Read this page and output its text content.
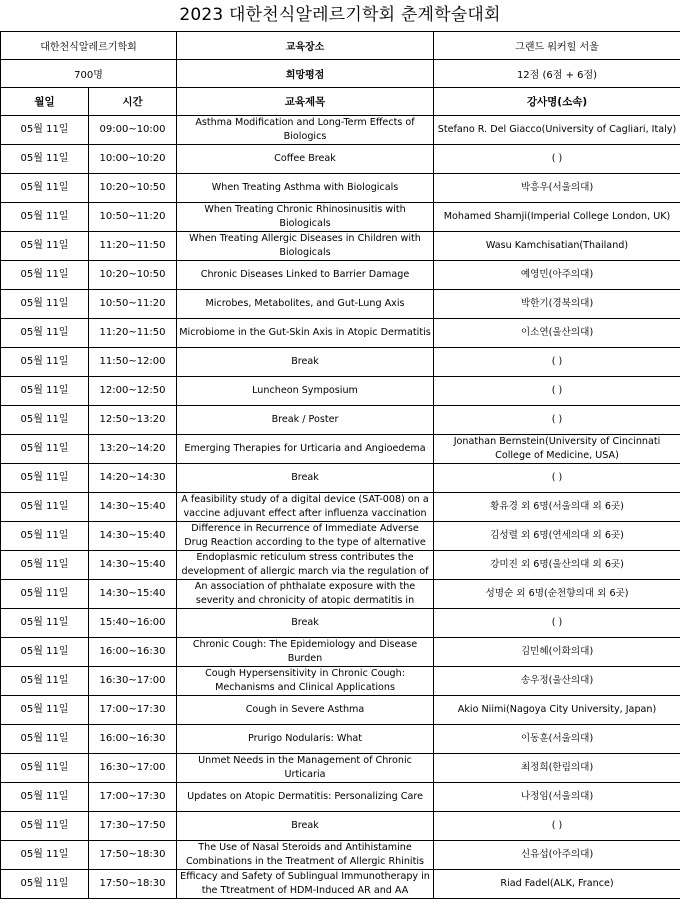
2023 대한천식알레르기학회 춘계학술대회
대한천식알레르기학회		교육장소	그랜드 워커힐 서울
700명		희망평점	12점 (6점 + 6점)
월일	시간	교육제목	강사명(소속)

05월 11일	09:00~10:00	Asthma Modification and Long-Term Effects of Biologics	Stefano R. Del Giacco(University of Cagliari, Italy)

05월 11일	10:00~10:20	Coffee Break	( )

05월 11일	10:20~10:50	When Treating Asthma with Biologicals	박흥우(서울의대)

05월 11일	10:50~11:20	When Treating Chronic Rhinosinusitis with Biologicals	Mohamed Shamji(Imperial College London, UK)

05월 11일	11:20~11:50	When Treating Allergic Diseases in Children with Biologicals	Wasu Kamchisatian(Thailand)

05월 11일	10:20~10:50	Chronic Diseases Linked to Barrier Damage	예영민(아주의대)

05월 11일	10:50~11:20	Microbes, Metabolites, and Gut-Lung Axis	박한기(경북의대)

05월 11일	11:20~11:50	Microbiome in the Gut-Skin Axis in Atopic Dermatitis	이소연(울산의대)

05월 11일	11:50~12:00	Break	( )

05월 11일	12:00~12:50	Luncheon Symposium	( )

05월 11일	12:50~13:20	Break / Poster	( )

05월 11일	13:20~14:20	Emerging Therapies for Urticaria and Angioedema	Jonathan Bernstein(University of Cincinnati College of Medicine, USA)

05월 11일	14:20~14:30	Break	( )

05월 11일	14:30~15:40	A feasibility study of a digital device (SAT-008) on a vaccine adjuvant effect after influenza vaccination	황유경 외 6명(서울의대 외 6곳)

05월 11일	14:30~15:40	Difference in Recurrence of Immediate Adverse Drug Reaction according to the type of alternative	김성렬 외 6명(연세의대 외 6곳)

05월 11일	14:30~15:40	Endoplasmic reticulum stress contributes the development of allergic march via the regulation of	강미진 외 6명(울산의대 외 6곳)

05월 11일	14:30~15:40	An association of phthalate exposure with the severity and chronicity of atopic dermatitis in	성명순 외 6명(순천향의대 외 6곳)

05월 11일	15:40~16:00	Break	( )

05월 11일	16:00~16:30	Chronic Cough: The Epidemiology and Disease Burden	김민혜(이화의대)

05월 11일	16:30~17:00	Cough Hypersensitivity in Chronic Cough: Mechanisms and Clinical Applications	송우정(울산의대)

05월 11일	17:00~17:30	Cough in Severe Asthma	Akio Niimi(Nagoya City University, Japan)

05월 11일	16:00~16:30	Prurigo Nodularis: What	이동훈(서울의대)

05월 11일	16:30~17:00	Unmet Needs in the Management of Chronic Urticaria	최정희(한림의대)

05월 11일	17:00~17:30	Updates on Atopic Dermatitis: Personalizing Care	나정임(서울의대)

05월 11일	17:30~17:50	Break	( )

05월 11일	17:50~18:30	The Use of Nasal Steroids and Antihistamine Combinations in the Treatment of Allergic Rhinitis	신유섭(아주의대)

05월 11일	17:50~18:30	Efficacy and Safety of Sublingual Immunotherapy in the Ttreatment of HDM-Induced AR and AA	Riad Fadel(ALK, France)
